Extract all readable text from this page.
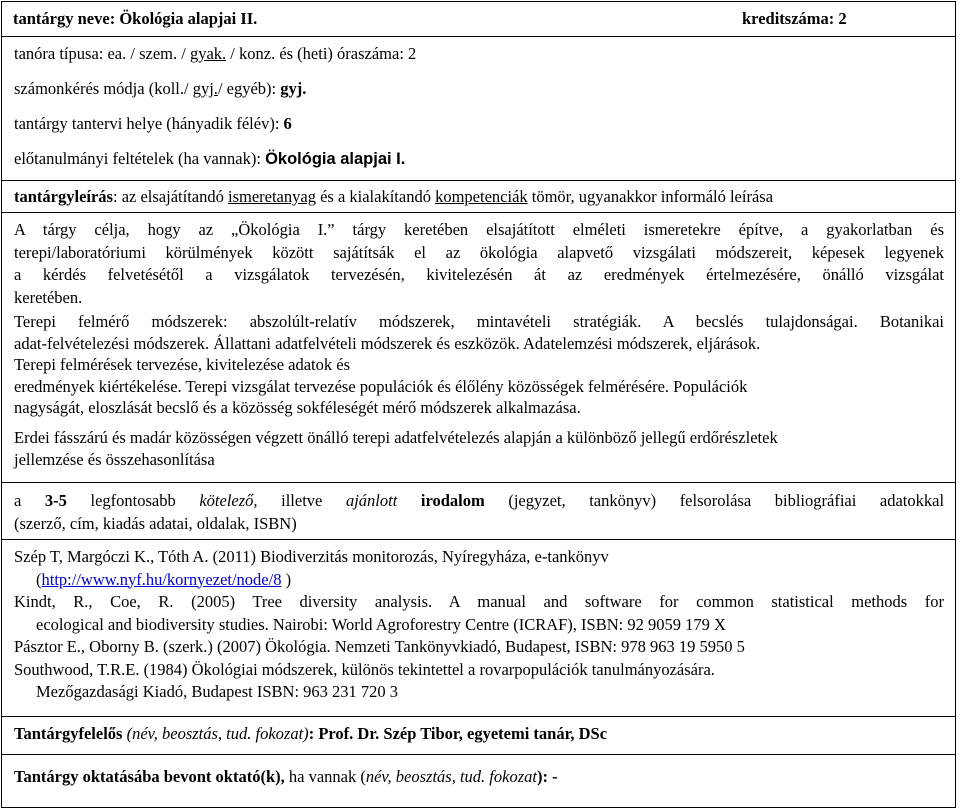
tantárgy neve: Ökológia alapjai II.	kreditszáma: 2
tanóra típusa: ea. / szem. / gyak. / konz. és (heti) óraszáma: 2
számonkérés módja (koll./ gyj./ egyéb): gyj.
tantárgy tantervi helye (hányadik félév): 6
előtanulmányi feltételek (ha vannak): Ökológia alapjai I.
tantárgyleírás: az elsajátítandó ismeretanyag és a kialakítandó kompetenciák tömör, ugyanakkor informáló leírása
A tárgy célja, hogy az „Ökológia I.” tárgy keretében elsajátított elméleti ismeretekre építve, a gyakorlatban és
terepi/laboratóriumi körülmények között sajátítsák el az ökológia alapvető vizsgálati módszereit, képesek legyenek
a kérdés felvetésétől a vizsgálatok tervezésén, kivitelezésén át az eredmények értelmezésére, önálló vizsgálat
keretében.
Terepi felmérő módszerek: abszolúlt-relatív módszerek, mintavételi stratégiák. A becslés tulajdonságai. Botanikai
adat-felvételezési módszerek. Állattani adatfelvételi módszerek és eszközök. Adatelemzési módszerek, eljárások.
Terepi felmérések tervezése, kivitelezése adatok és
eredmények kiértékelése. Terepi vizsgálat tervezése populációk és élőlény közösségek felmérésére. Populációk
nagyságát, eloszlását becslő és a közösség sokféleségét mérő módszerek alkalmazása.
Erdei fásszárú és madár közösségen végzett önálló terepi adatfelvételezés alapján a különböző jellegű erdőrészletek
jellemzése és összehasonlítása
a 3-5 legfontosabb kötelező, illetve ajánlott irodalom (jegyzet, tankönyv) felsorolása bibliográfiai adatokkal
(szerző, cím, kiadás adatai, oldalak, ISBN)
Szép T, Margóczi K., Tóth A. (2011) Biodiverzitás monitorozás, Nyíregyháza, e-tankönyv
(http://www.nyf.hu/kornyezet/node/8 )
Kindt, R., Coe, R. (2005) Tree diversity analysis. A manual and software for common statistical methods for
ecological and biodiversity studies. Nairobi: World Agroforestry Centre (ICRAF), ISBN: 92 9059 179 X
Pásztor E., Oborny B. (szerk.) (2007) Ökológia. Nemzeti Tankönyvkiadó, Budapest, ISBN: 978 963 19 5950 5
Southwood, T.R.E. (1984) Ökológiai módszerek, különös tekintettel a rovarpopulációk tanulmányozására.
Mezőgazdasági Kiadó, Budapest ISBN: 963 231 720 3
Tantárgyfelelős (név, beosztás, tud. fokozat): Prof. Dr. Szép Tibor, egyetemi tanár, DSc
Tantárgy oktatásába bevont oktató(k), ha vannak (név, beosztás, tud. fokozat): -
